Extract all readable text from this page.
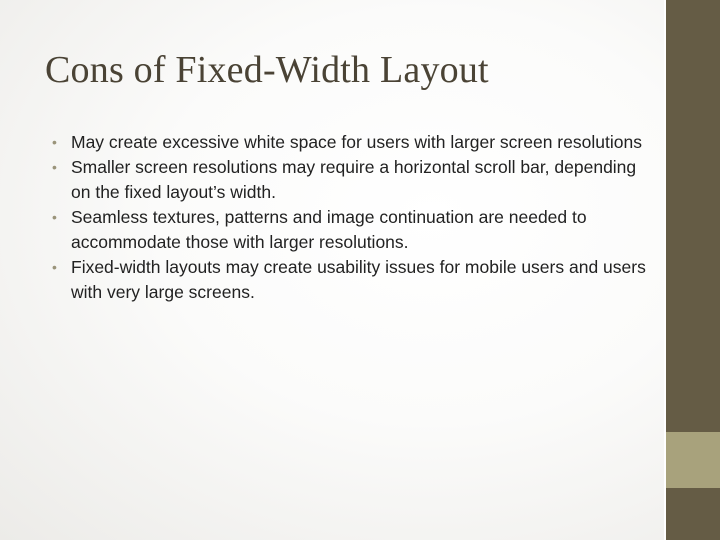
Cons of Fixed-Width Layout
• May create excessive white space for users with larger screen resolutions
• Smaller screen resolutions may require a horizontal scroll bar, depending on the fixed layout’s width.
• Seamless textures, patterns and image continuation are needed to accommodate those with larger resolutions.
• Fixed-width layouts may create usability issues for mobile users and users with very large screens.
